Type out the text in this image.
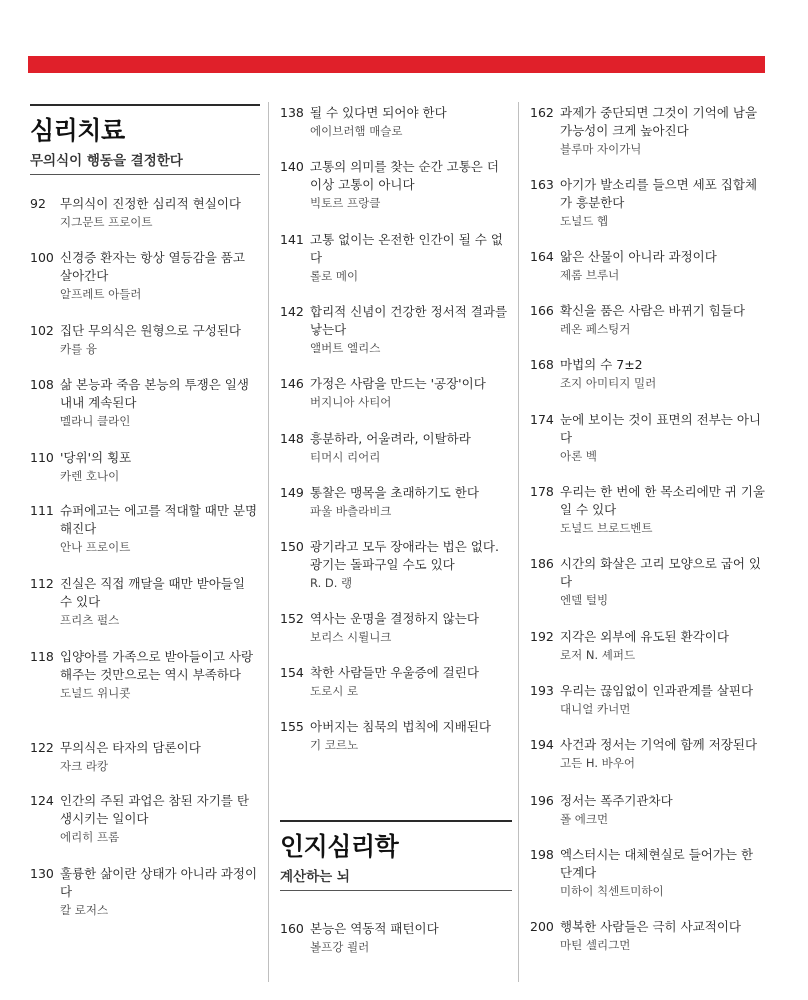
심리치료
무의식이 행동을 결정한다
92 무의식이 진정한 심리적 현실이다
지그문트 프로이트
100 신경증 환자는 항상 열등감을 품고 살아간다
알프레트 아들러
102 집단 무의식은 원형으로 구성된다
카를 융
108 삶 본능과 죽음 본능의 투쟁은 일생 내내 계속된다
멜라니 클라인
110 '당위'의 횡포
카렌 호나이
111 슈퍼에고는 에고를 적대할 때만 분명해진다
안나 프로이트
112 진실은 직접 깨달을 때만 받아들일 수 있다
프리츠 펄스
118 입양아를 가족으로 받아들이고 사랑해주는 것만으로는 역시 부족하다
도널드 위니콧
122 무의식은 타자의 담론이다
자크 라캉
124 인간의 주된 과업은 참된 자기를 탄생시키는 일이다
에리히 프롬
130 훌륭한 삶이란 상태가 아니라 과정이다
칼 로저스
138 될 수 있다면 되어야 한다
에이브러햄 매슬로
140 고통의 의미를 찾는 순간 고통은 더 이상 고통이 아니다
빅토르 프랑클
141 고통 없이는 온전한 인간이 될 수 없다
롤로 메이
142 합리적 신념이 건강한 정서적 결과를 낳는다
앨버트 엘리스
146 가정은 사람을 만드는 '공장'이다
버지니아 사티어
148 흥분하라, 어울려라, 이탈하라
티머시 리어리
149 통찰은 맹목을 초래하기도 한다
파울 바츨라비크
150 광기라고 모두 장애라는 법은 없다. 광기는 돌파구일 수도 있다
R. D. 랭
152 역사는 운명을 결정하지 않는다
보리스 시륄니크
154 착한 사람들만 우울증에 걸린다
도로시 로
155 아버지는 침묵의 법칙에 지배된다
기 코르노
인지심리학
계산하는 뇌
160 본능은 역동적 패턴이다
볼프강 쾰러
162 과제가 중단되면 그것이 기억에 남을 가능성이 크게 높아진다
블루마 자이가닉
163 아기가 발소리를 들으면 세포 집합체가 흥분한다
도널드 헵
164 앎은 산물이 아니라 과정이다
제롬 브루너
166 확신을 품은 사람은 바뀌기 힘들다
레온 페스팅거
168 마법의 수 7±2
조지 아미티지 밀러
174 눈에 보이는 것이 표면의 전부는 아니다
아론 벡
178 우리는 한 번에 한 목소리에만 귀 기울일 수 있다
도널드 브로드벤트
186 시간의 화살은 고리 모양으로 굽어 있다
엔델 털빙
192 지각은 외부에 유도된 환각이다
로저 N. 셰퍼드
193 우리는 끊임없이 인과관계를 살핀다
대니얼 카너먼
194 사건과 정서는 기억에 함께 저장된다
고든 H. 바우어
196 정서는 폭주기관차다
폴 에크먼
198 엑스터시는 대체현실로 들어가는 한 단계다
미하이 칙센트미하이
200 행복한 사람들은 극히 사교적이다
마틴 셀리그먼
